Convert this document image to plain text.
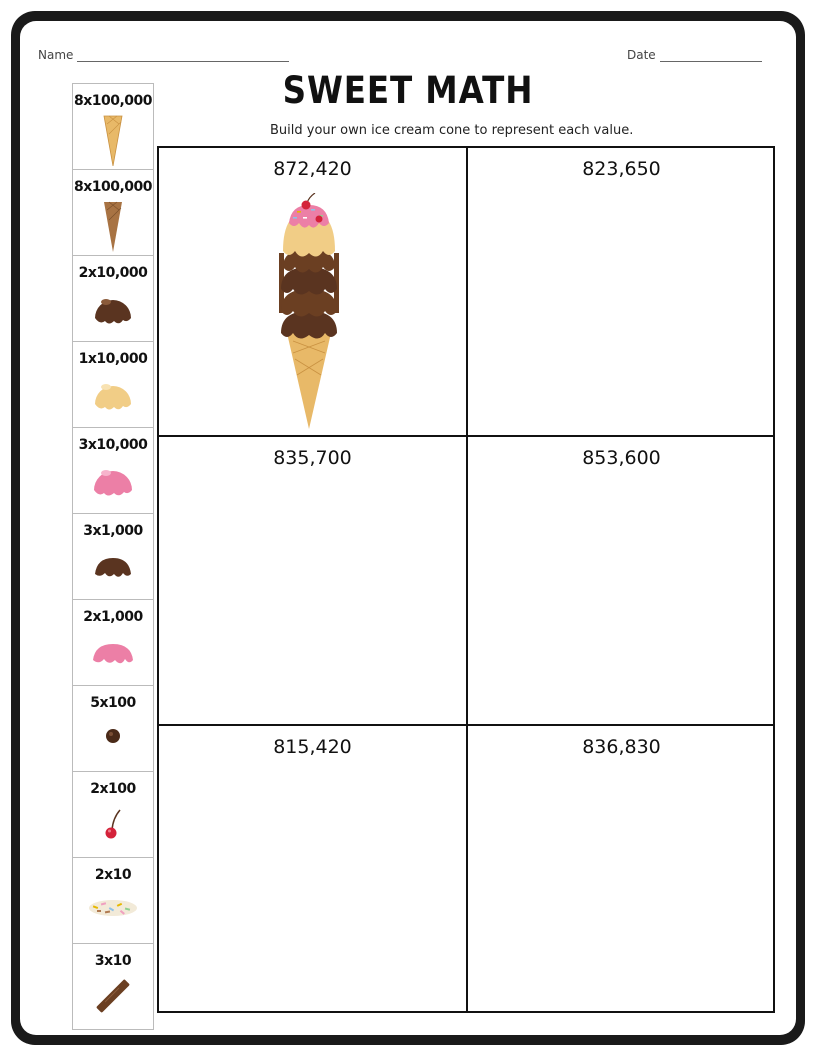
Name	Date
SWEET MATH
Build your own ice cream cone to represent each value.
8x100,000
8x100,000
2x10,000
1x10,000
3x10,000
3x1,000
2x1,000
5x100
2x100
2x10
3x10
872,420	823,650
835,700	853,600
815,420	836,830
